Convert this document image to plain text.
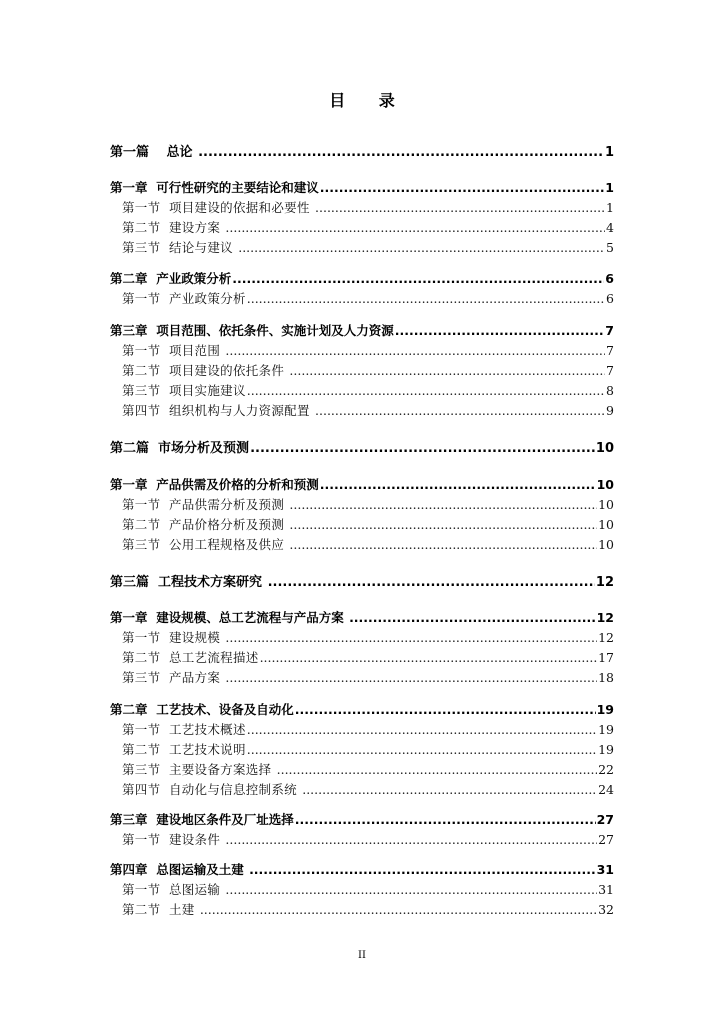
目 录
第一篇　 总论 .....	1
第一章  可行性研究的主要结论和建议 .....	1
第一节  项目建设的依据和必要性 .....	1
第二节  建设方案 .....	4
第三节  结论与建议 .....	5
第二章  产业政策分析 .....	6
第一节  产业政策分析 .....	6
第三章  项目范围、依托条件、实施计划及人力资源 .....	7
第一节  项目范围 .....	7
第二节  项目建设的依托条件 .....	7
第三节  项目实施建议 .....	8
第四节  组织机构与人力资源配置 .....	9
第二篇  市场分析及预测 .....	10
第一章  产品供需及价格的分析和预测 .....	10
第一节  产品供需分析及预测 .....	10
第二节  产品价格分析及预测 .....	10
第三节  公用工程规格及供应 .....	10
第三篇  工程技术方案研究 .....	12
第一章  建设规模、总工艺流程与产品方案 .....	12
第一节  建设规模 .....	12
第二节  总工艺流程描述 .....	17
第三节  产品方案 .....	18
第二章  工艺技术、设备及自动化 .....	19
第一节  工艺技术概述 .....	19
第二节  工艺技术说明 .....	19
第三节  主要设备方案选择 .....	22
第四节  自动化与信息控制系统 .....	24
第三章  建设地区条件及厂址选择 .....	27
第一节  建设条件 .....	27
第四章  总图运输及土建 .....	31
第一节  总图运输 .....	31
第二节  土建 .....	32
II
